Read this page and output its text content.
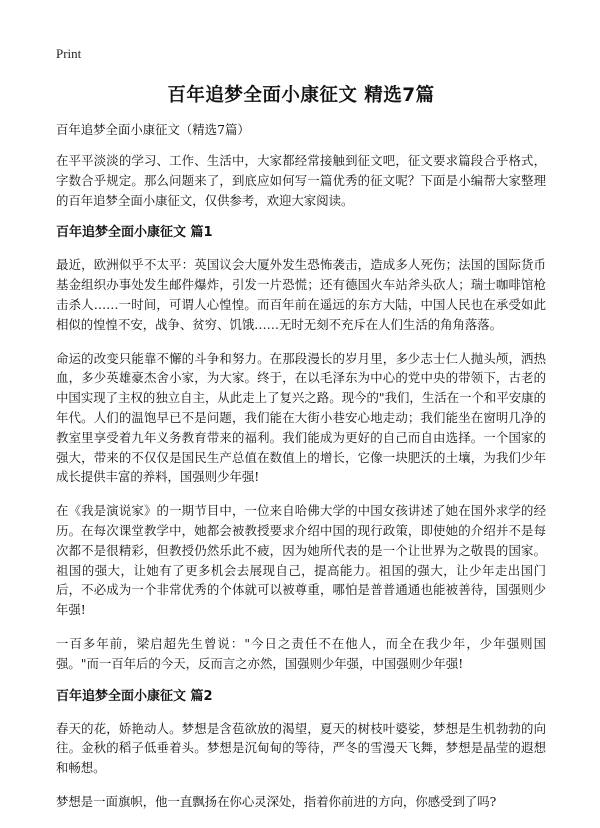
Print
百年追梦全面小康征文 精选7篇

百年追梦全面小康征文（精选7篇）

在平平淡淡的学习、工作、生活中，大家都经常接触到征文吧，征文要求篇段合乎格式，字数合乎规定。那么问题来了，到底应如何写一篇优秀的征文呢？下面是小编帮大家整理的百年追梦全面小康征文，仅供参考，欢迎大家阅读。

百年追梦全面小康征文 篇1

最近，欧洲似乎不太平：英国议会大厦外发生恐怖袭击，造成多人死伤；法国的国际货币基金组织办事处发生邮件爆炸，引发一片恐慌；还有德国火车站斧头砍人；瑞士咖啡馆枪击杀人……一时间，可谓人心惶惶。而百年前在遥远的东方大陆，中国人民也在承受如此相似的惶惶不安，战争、贫穷、饥饿……无时无刻不充斥在人们生活的角角落落。

命运的改变只能靠不懈的斗争和努力。在那段漫长的岁月里，多少志士仁人抛头颅，洒热血，多少英雄豪杰舍小家，为大家。终于，在以毛泽东为中心的党中央的带领下，古老的中国实现了主权的独立自主，从此走上了复兴之路。现今的"我们，生活在一个和平安康的年代。人们的温饱早已不是问题，我们能在大街小巷安心地走动；我们能坐在窗明几净的教室里享受着九年义务教育带来的福利。我们能成为更好的自己而自由选择。一个国家的强大，带来的不仅仅是国民生产总值在数值上的增长，它像一块肥沃的土壤，为我们少年成长提供丰富的养料，国强则少年强!

在《我是演说家》的一期节目中，一位来自哈佛大学的中国女孩讲述了她在国外求学的经历。在每次课堂教学中，她都会被教授要求介绍中国的现行政策，即使她的介绍并不是每次都不是很精彩，但教授仍然乐此不疲，因为她所代表的是一个让世界为之敬畏的国家。祖国的强大，让她有了更多机会去展现自己，提高能力。祖国的强大，让少年走出国门后，不必成为一个非常优秀的个体就可以被尊重，哪怕是普普通通也能被善待，国强则少年强!

一百多年前，梁启超先生曾说："今日之责任不在他人，而全在我少年，少年强则国强。"而一百年后的今天，反而言之亦然，国强则少年强，中国强则少年强!

百年追梦全面小康征文 篇2

春天的花，娇艳动人。梦想是含苞欲放的渴望，夏天的树枝叶婆娑，梦想是生机勃勃的向往。金秋的稻子低垂着头。梦想是沉甸甸的等待，严冬的雪漫天飞舞，梦想是晶莹的遐想和畅想。

梦想是一面旗帜，他一直飘扬在你心灵深处，指着你前进的方向，你感受到了吗?
